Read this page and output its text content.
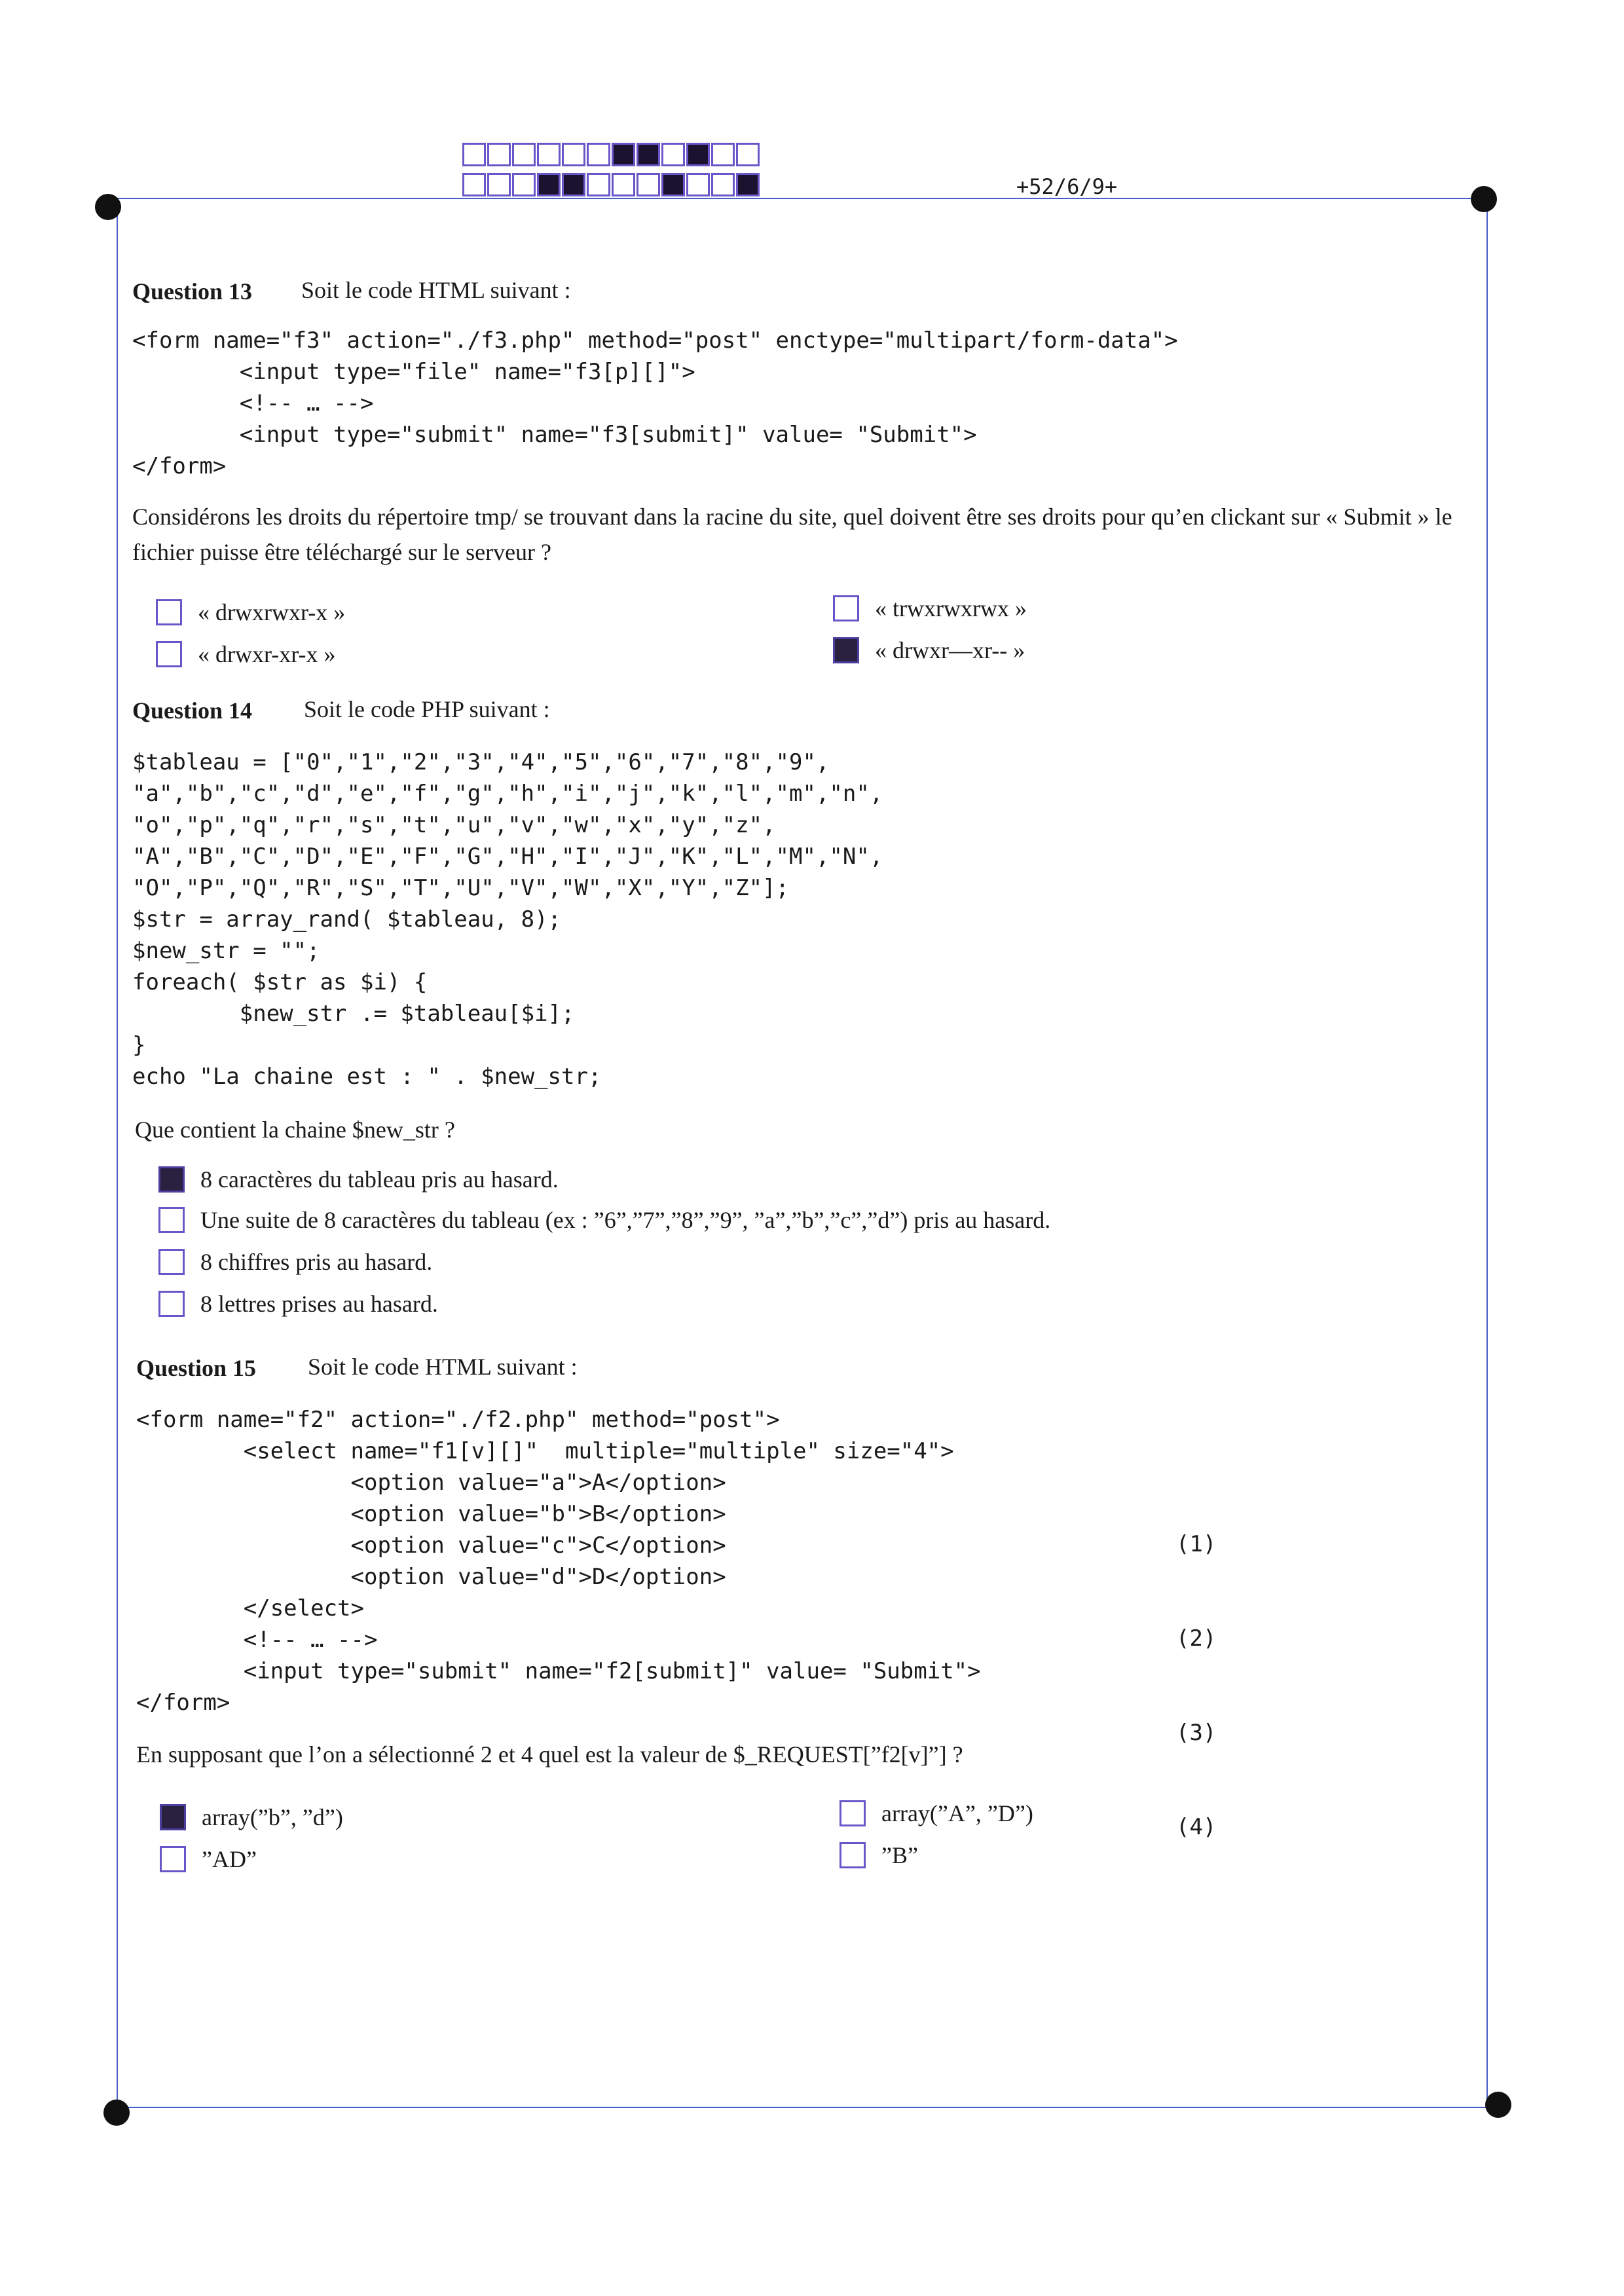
+52/6/9+
Question 13 Soit le code HTML suivant :
<form name="f3" action="./f3.php" method="post" enctype="multipart/form-data">
<input type="file" name="f3[p][]">
<!-- … -->
<input type="submit" name="f3[submit]" value= "Submit">
</form>
Considérons les droits du répertoire tmp/ se trouvant dans la racine du site, quel doivent être ses droits pour qu’en clickant sur « Submit » le fichier puisse être téléchargé sur le serveur ?
« drwxrwxr-x »
« drwxr-xr-x »
« trwxrwxrwx »
« drwxr—xr-- »
Question 14 Soit le code PHP suivant :
$tableau = ["0","1","2","3","4","5","6","7","8","9",
"a","b","c","d","e","f","g","h","i","j","k","l","m","n",
"o","p","q","r","s","t","u","v","w","x","y","z",
"A","B","C","D","E","F","G","H","I","J","K","L","M","N",
"O","P","Q","R","S","T","U","V","W","X","Y","Z"];
$str = array_rand( $tableau, 8);
$new_str = "";
foreach( $str as $i) {
$new_str .= $tableau[$i];
}
echo "La chaine est : " . $new_str;
Que contient la chaine $new_str ?
8 caractères du tableau pris au hasard.
Une suite de 8 caractères du tableau (ex : ”6”,”7”,”8”,”9”, ”a”,”b”,”c”,”d”) pris au hasard.
8 chiffres pris au hasard.
8 lettres prises au hasard.
Question 15 Soit le code HTML suivant :
<form name="f2" action="./f2.php" method="post">
<select name="f1[v][]"  multiple="multiple" size="4">
<option value="a">A</option>
<option value="b">B</option>
<option value="c">C</option>
<option value="d">D</option>
</select>
<!-- … -->
<input type="submit" name="f2[submit]" value= "Submit">
</form>

(1)

(2)

(3)

(4)

En supposant que l’on a sélectionné 2 et 4 quel est la valeur de $_REQUEST[”f2[v]”] ?
array(”b”, ”d”)
”AD”
array(”A”, ”D”)
”B”
